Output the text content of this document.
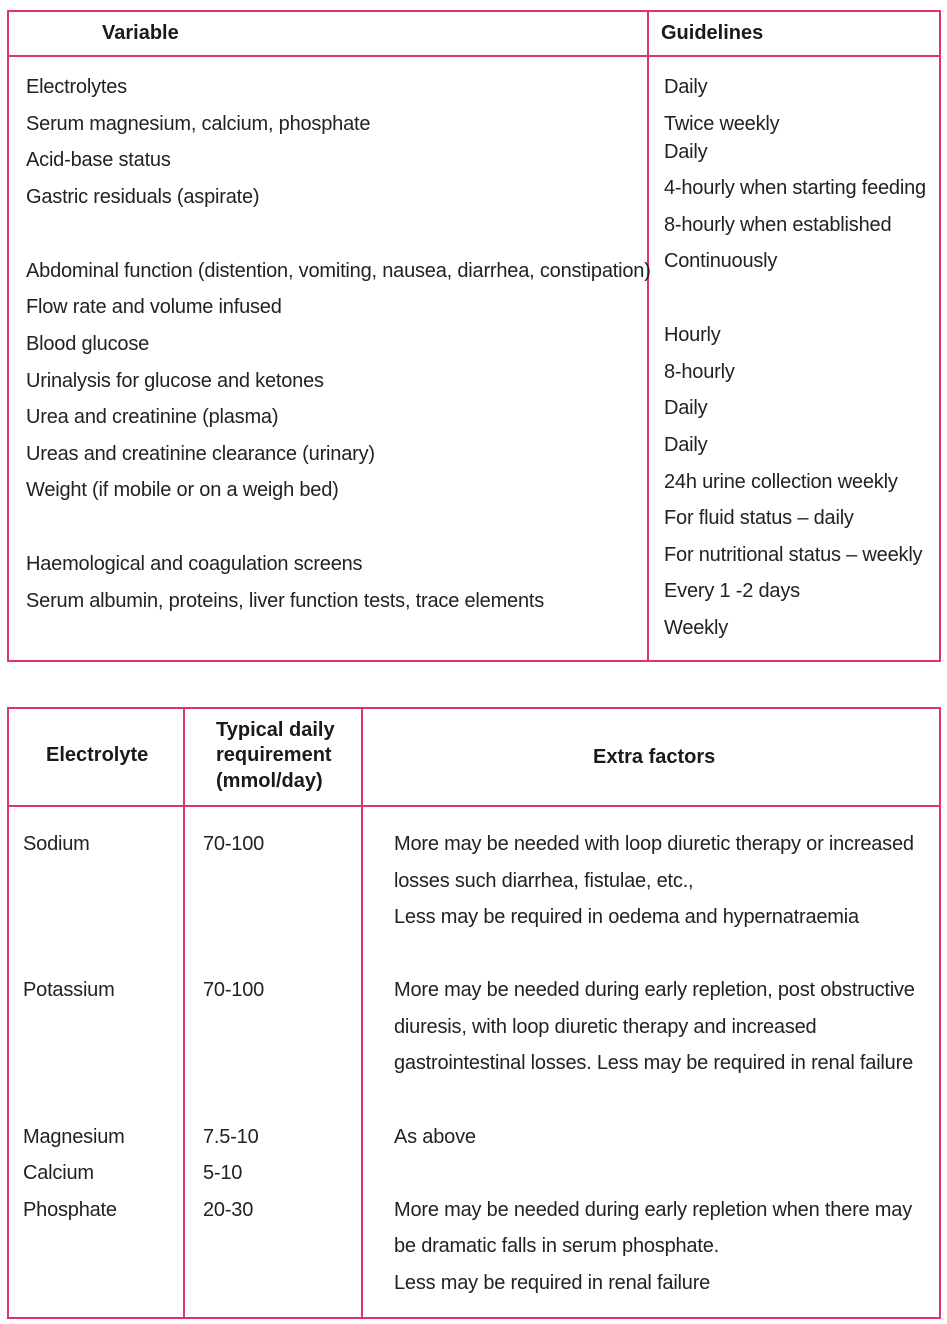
Variable	Guidelines
Electrolytes
Serum magnesium, calcium, phosphate
Acid-base status
Gastric residuals (aspirate)
Abdominal function (distention, vomiting, nausea, diarrhea, constipation)
Flow rate and volume infused
Blood glucose
Urinalysis for glucose and ketones
Urea and creatinine (plasma)
Ureas and creatinine clearance (urinary)
Weight (if mobile or on a weigh bed)
Haemological and coagulation screens
Serum albumin, proteins, liver function tests, trace elements
Daily
Twice weekly
Daily
4-hourly when starting feeding
8-hourly when established
Continuously
Hourly
8-hourly
Daily
Daily
24h urine collection weekly
For fluid status – daily
For nutritional status – weekly
Every 1 -2 days
Weekly
Electrolyte
Typical daily
requirement
(mmol/day)
Extra factors
Sodium
Potassium
Magnesium
Calcium
Phosphate
70-100
70-100
7.5-10
5-10
20-30
More may be needed with loop diuretic therapy or increased
losses such diarrhea, fistulae, etc.,
Less may be required in oedema and hypernatraemia
More may be needed during early repletion, post obstructive
diuresis, with loop diuretic therapy and increased
gastrointestinal losses. Less may be required in renal failure
As above
More may be needed during early repletion when there may
be dramatic falls in serum phosphate.
Less may be required in renal failure
